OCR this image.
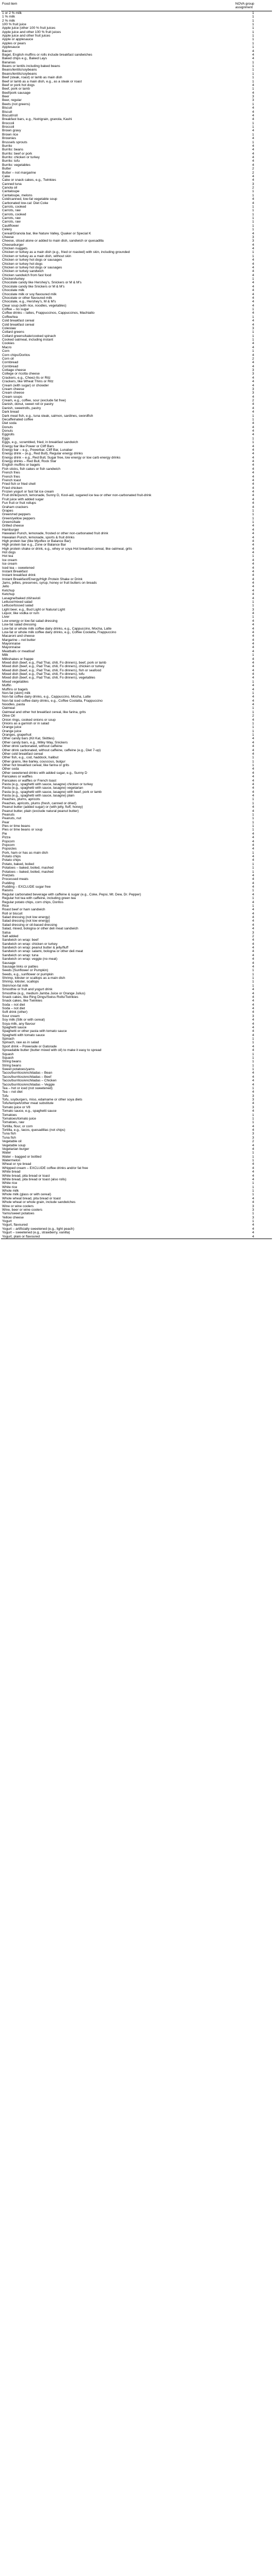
Food item	NOVA group assignment
1 or 2 % milk	1
1 % milk	1
2 % milk	1
100 % fruit juice	1
Apple juice (other 100 % fruit juices	1
Apple juice and other 100 % fruit juices	1
Apple juice and other fruit juices	1
Apple or applesauce	1
Apples or pears	1
Applesauce	1
Bacon	4
Bagel, English muffins or rolls include breakfast sandwiches	4
Baked chips e.g., Baked Lays	4
Bananas	1
Beans or lentils including baked beans	1
Beans/lentils/soybeans	1
Beans/lentils/soybeans	1
Beef (steak, roast) or lamb as main dish	1
Beef or lamb as a main dish, e.g., as a steak or roast	1
Beef or pork hot dogs	4
Beef, pork or lamb	1
Beef/pork sausage	4
Beer	3
Beer, regular	3
Beets (not greens)	1
Biscuit	4
Biscuit	4
Biscuit/roll	4
Breakfast bars, e.g., Nutrigrain, granola, Kashi	4
Broccoli	1
Broccoli	1
Brown gravy	4
Brown rice	1
Brownies	4
Brussels sprouts	1
Burrito	4
Burrito: beans	4
Burrito: beef or pork	4
Burrito: chicken or turkey	4
Burrito: tofu	4
Burrito: vegetables	4
Butter	2
Butter – not margarine	2
Cake	4
Cake or snack cakes, e.g., Twinkies	4
Canned tuna	3
Canola oil	2
Cantaloupe	1
Cantaloupe, melons	1
Cold/canned, low-fat vegetable soup	4
Carbonated low-cal: Diet Coke	4
Carrots, cooked	1
Carrots, raw	1
Carrots, cooked	1
Carrots, raw	1
Carrots, raw	1
Cauliflower	1
Celery	1
Cereal/Granola bar, like Nature Valley, Quaker or Special K	4
Cheese	3
Cheese, sliced alone or added to main dish, sandwich or quesadilla	3
Cheeseburger	4
Chicken nuggets	4
Chicken or turkey as a main dish (e.g., fried or roasted) with skin, including grounded	1
Chicken or turkey as a main dish, without skin	1
Chicken or turkey hot dogs or sausages	4
Chicken or turkey hot dogs	4
Chicken or turkey hot dogs or sausages	4
Chicken or turkey sandwich	4
Chicken sandwich from fast food	4
Chicken/turkey	1
Chocolate candy like Hershey's, Snickers or M & M's	4
Chocolate candy like Snickers or M & M's	4
Chocolate milk	4
Chocolate milk or soy flavoured milk	4
Chocolate or other flavoured milk	4
Chocolate, e.g., Hershey's, M & M's	4
Clear soup (with rice, noodles, vegetables)	4
Coffee – no sugar	1
Coffee drinks – lattes, Frappuccinos, Cappuccinos, Machiatto	4
Coffee/tea	1
Cold breakfast cereal	4
Cold breakfast cereal	4
Coleslaw	3
Collard greens	1
Collard greens/kale/cooked spinach	1
Cooked oatmeal, including instant	1
Cookies	4
Macro	4
Corn	1
Corn chips/Doritos	4
Corn oil	2
Cornbread	4
Cornbread	4
Cottage cheese	3
College or ricotta cheese	3
Crackers, e.g., Cheez-Its or Ritz	4
Crackers, like Wheat Thins or Ritz	4
Cream (with sugar) or chowder	4
Cream cheese	3
Cream cheese	3
Cream soups	4
Cream, e.g., coffee, sour (exclude fat free)	2
Danish, donut, sweet roll or pastry	4
Danish, sweetrolls, pastry	4
Dark bread	4
Dark meat fish, e.g., tuna steak, salmon, sardines, swordfish	1
Decaffeinated coffee	1
Diet soda	4
Donuts	4
Donuts	4
Eggrolls	4
Eggs	1
Eggs, e.g., scrambled, fried, in breakfast sandwich	1
Energy bar like Power or Cliff Bars	4
Energy bar – e.g., Powerbar, Cliff Bar, Lunabar	4
Energy drink – (e.g., Red Bull), Regular energy drinks	4
Energy drink – e.g., Red Bull, Sugar free, low energy or low carb energy drinks	4
Energy drinks – Red Bull, Rock Star	4
English muffins or bagels	4
Fish sticks, fish cakes or fish sandwich	4
French fries	4
French fries	4
French toast	4
Fried fish or fried shell	4
Fried chicken	4
Frozen yogurt or fast fat ice cream	4
Fruit drink/punch, lemonade, Sunny D, Kool-aid, sugared ice tea or other non-carbonated fruit-drink	4
Fruit juice with added sugar	4
Fun fruit or fruit rollups	4
Graham crackers	4
Grapes	1
Green/red peppers	1
Green/yellow peppers	1
Greens/kale	1
Grilled cheese	4
Hamburger	4
Hawaiian Punch, lemonade, frosted or other non-carbonated fruit drink	4
Hawaiian Punch, lemonade, sports & fruit drinks	4
High protein bar (like Myoflex or Balance Bar)	4
High protein bar e.g., Zone or Balance Bar	4
High protein shake or drink, e.g., whey or soya Hot breakfast cereal, like oatmeal, grits	4
Hot dogs	4
Hot tea	1
Ice cream	4
Ice cream	4
Iced tea – sweetened	4
Instant Breakfast	4
Instant breakfast drink	4
Instant Breakfast/Energy/High Protein Shake or Drink	4
Jams, jellies, preserves, syrup, honey or fruit butters on breads	4
Jello	4
Ketchup	4
Ketchup	4
Lasagne/baked ziti/ravioli	4
Lettuce/mixed salad	1
Lettuce/tossed salad	1
Light beer, e.g., Bud Light or Natural Light	3
Liquor, like vodka or rum	4
Liver	1
Low energy or low-fat salad dressing	4
Low-fat salad dressing	4
Low-fat or whole milk coffee dairy drinks, e.g., Cappuccino, Mocha, Latte	4
Low-fat or whole milk coffee dairy drinks, e.g., Coffee Coolatta, Frappuccino	4
Macaroni and cheese	4
Margarine – not butter	4
Mayonnaise	4
Mayonnaise	4
Meatballs or meatloaf	4
Milk	1
Milkshakes or frappe	4
Mixed dish (beef, e.g., Pad Thai, chili, Fo dinners), beef, pork or lamb	4
Mixed dish (beef, e.g., Pad Thai, chili, Fo dinners), chicken or turkey	4
Mixed dish (beef, e.g., Pad Thai, chili, Fo dinners), fish or seafood	4
Mixed dish (beef, e.g., Pad Thai, chili, Fo dinners), tofu	4
Mixed dish (beef, e.g., Pad Thai, chili, Fo dinners), vegetables	4
Mixed vegetables	1
Muffin	4
Muffins or bagels	4
Non-fat (skim) milk	1
Non-fat coffee dairy drinks, e.g., Cappuccino, Mocha, Latte	4
Non-fat iced coffee dairy drinks, e.g., Coffee Coolatta, Frappuccino	4
Noodles, pasta	4
Oatmeal	1
Oatmeal and other hot breakfast cereal, like farina, grits	1
Olive Oil	2
Onion rings, cooked onions or soup	4
Onions as a garnish or in salad	1
Orange juice	1
Orange juice	1
Oranges, grapefruit	1
Other candy bars (Kit Kat, Skittles)	4
Other candy bars, e.g., Milky Way, Snickers	4
Other drink carbonated, without caffeine	4
Other drink carbonated, without caffeine, caffeine (e.g., Diet 7-up)	4
Other cold breakfast cereal	4
Other fish, e.g., cod, haddock, halibut	1
Other grains, like barley, couscous, bulgur	1
Other hot breakfast cereal, like farina or grits	1
Other soda	4
Other sweetened drinks with added sugar, e.g., Sunny D	4
Pancakes or waffles	4
Pancakes or waffles or French toast	4
Pasta (e.g., spaghetti with sauce, lasagne) chicken or turkey	4
Pasta (e.g., spaghetti with sauce, lasagne) vegetarian	4
Pasta (e.g., spaghetti with sauce, lasagne) with beef, pork or lamb	4
Pasta (e.g., spaghetti with sauce, lasagne) plain	4
Peaches, plums, apricots	1
Peaches, apricots, plums (fresh, canned or dried)	1
Peanut butter (added sugar) or (with jelly, fluff, honey)	4
Peanut butter, plain (exclude natural peanut butter)	4
Peanuts	1
Peanuts, nut	1
Pear	1
Pies or time beans	1
Pies or time beans or soup	1
Pie	4
Pizza	4
Popcorn	4
Popcorn	4
Popsicles	4
Pork, ham or has as main dish	1
Potato chips	4
Potato chips	4
Potato, baked, boiled	1
Potatoes – baked, boiled, mashed	1
Potatoes – baked, boiled, mashed	1
Pretzels	4
Processed meats	4
Pudding	4
Pudding – EXCLUDE sugar free	4
Raisins	1
Regular carbonated beverage with caffeine & sugar (e.g., Coke, Pepsi, Mt. Dew, Dr. Pepper)	4
Regular hot tea with caffeine, including green tea	1
Regular potato chips, corn chips, Doritos	4
Rice	1
Roast beef or ham sandwich	4
Roll or biscuit	4
Salad dressing (not low energy)	4
Salad dressing (not low energy)	4
Salad dressing or oil-based dressing	4
Salad, mixed, bologna or other deli meat sandwich	4
Salsa	3
Salt added	2
Sandwich on wrap: beef	4
Sandwich on wrap: chicken or turkey	4
Sandwich on wrap: peanut butter & jelly/fluff	4
Sandwich on wrap: salami, bologna or other deli meat	4
Sandwich on wrap: tuna	4
Sandwich on wrap: veggie (no meat)	4
Sausage	4
Sausage links or patties	4
Seeds (Sunflower or Pumpkin)	1
Seeds, e.g., sunflower or pumpkin	1
Shrimp, lobster or scallops as a main dish	1
Shrimp, lobster, scallops	1
Skim/non-fat milk	1
Smoothie or fruit and yogurt drink	4
Smoothie (e.g., medium Jamba Juice or Orange Julius)	4
Snack cakes, like Ring Dings/Swiss Rolls/Twinkies	4
Snack cakes, like Twinkies	4
Soda – not diet	4
Soda – not diet	4
Soft drink (other)	4
Sour cream	3
Soy milk (Silk or with cereal)	4
Soya milk, any flavour	4
Spaghetti sauce	4
Spaghetti or other pasta with tomato sauce	4
Spaghetti with tomato sauce	4
Spinach	1
Spinach, raw as in salad	1
Sport drink – Powerade or Gatorade	4
Spreadable butter (butter mixed with oil) to make it easy to spread	4
Squash	1
Squash	1
String beans	1
String beans	1
Sweet potatoes/yams	1
Tacos/burritos/enchiladas – Bean	4
Tacos/burritos/enchiladas – Beef	4
Tacos/burritos/enchiladas – Chicken	4
Tacos/burritos/enchiladas – Veggie	4
Tea – hot or iced (not sweetened)	1
Tea – not diet	4
Tofu	3
Tofu, soyburgers, miso, edamame or other soya diets	3
Tofu/tempeh/other meat substitute	4
Tomato juice or V8	3
Tomato sauce, e.g., spaghetti sauce	4
Tomatoes	1
Tomatoes/tomato juice	1
Tomatoes, raw	1
Tortilla, flour, or corn	4
Tortilla, e.g., tacos, quesadillas (not chips)	4
Tuna fish	3
Tuna fish	3
Vegetable oil	2
Vegetable soup	4
Vegetarian burger	4
Water	1
Water – bagged or bottled	1
Watermelon	1
Wheat or rye bread	4
Whipped cream – EXCLUDE coffee drinks and/or fat free	4
White bread	4
White bread, pita bread or toast	4
White bread, pita bread or toast (also rolls)	4
White rice	1
White rice	1
Whole milk	1
Whole milk (glass or with cereal)	1
Whole wheat bread, pita bread or toast	4
Whole wheat or whole grain, include sandwiches	4
Wine or wine coolers	3
Wine, beer or wine coolers	3
Yams/sweet potatoes	1
Yellow cheese	3
Yogurt	1
Yogurt, flavoured	4
Yogurt – artificially sweetened (e.g., light peach)	4
Yogurt – sweetened (e.g., strawberry, vanilla)	4
Yogurt, plain or flavoured	4
